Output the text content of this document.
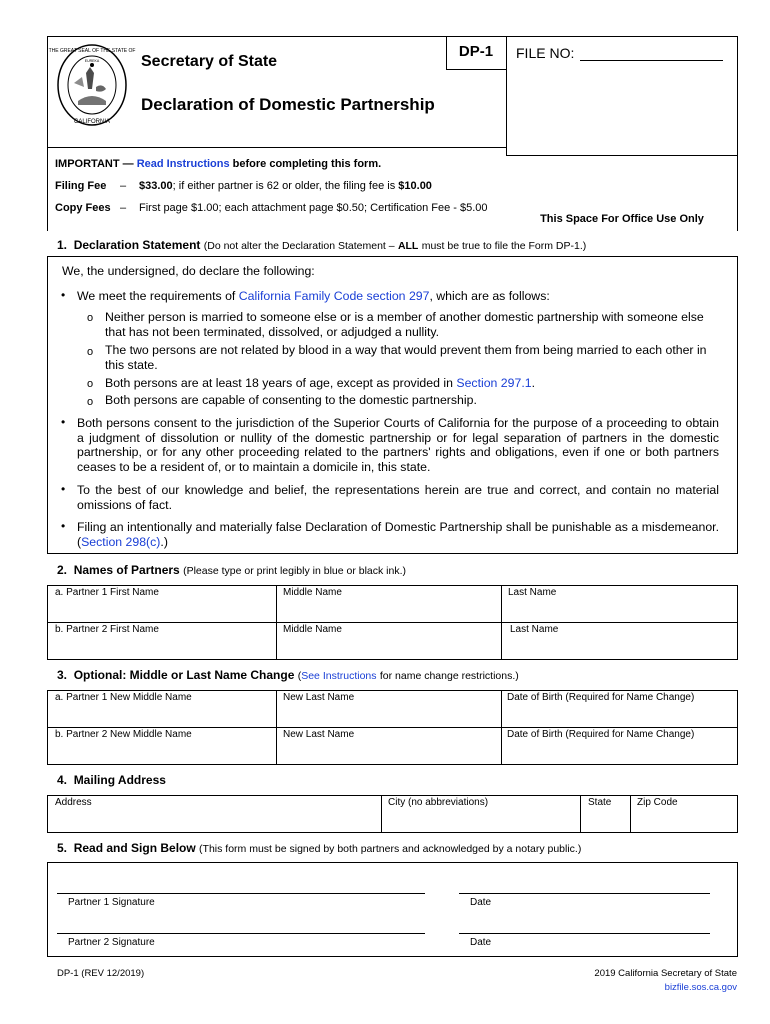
THE GREAT SEAL OF THE STATE OF
CALIFORNIA
EUREKA	Secretary of State
Declaration of Domestic Partnership
DP-1	FILE NO:
This Space For Office Use Only
IMPORTANT — Read Instructions before completing this form.
Filing Fee – $33.00; if either partner is 62 or older, the filing fee is $10.00
Copy Fees – First page $1.00; each attachment page $0.50; Certification Fee - $5.00
1. Declaration Statement (Do not alter the Declaration Statement – ALL must be true to file the Form DP-1.)
We, the undersigned, do declare the following:
• We meet the requirements of California Family Code section 297, which are as follows:
o Neither person is married to someone else or is a member of another domestic partnership with someone else that has not been terminated, dissolved, or adjudged a nullity.
o The two persons are not related by blood in a way that would prevent them from being married to each other in this state.
o Both persons are at least 18 years of age, except as provided in Section 297.1.
o Both persons are capable of consenting to the domestic partnership.
• Both persons consent to the jurisdiction of the Superior Courts of California for the purpose of a proceeding to obtain a judgment of dissolution or nullity of the domestic partnership or for legal separation of partners in the domestic partnership, or for any other proceeding related to the partners' rights and obligations, even if one or both partners ceases to be a resident of, or to maintain a domicile in, this state.
• To the best of our knowledge and belief, the representations herein are true and correct, and contain no material omissions of fact.
• Filing an intentionally and materially false Declaration of Domestic Partnership shall be punishable as a misdemeanor. (Section 298(c).)
2. Names of Partners (Please type or print legibly in blue or black ink.)
a. Partner 1 First Name	Middle Name	Last Name
b. Partner 2 First Name	Middle Name	Last Name
3. Optional: Middle or Last Name Change (See Instructions for name change restrictions.)
a. Partner 1 New Middle Name	New Last Name	Date of Birth (Required for Name Change)
b. Partner 2 New Middle Name	New Last Name	Date of Birth (Required for Name Change)
4. Mailing Address
Address	City (no abbreviations)	State	Zip Code
5. Read and Sign Below (This form must be signed by both partners and acknowledged by a notary public.)
Partner 1 Signature	Date
Partner 2 Signature	Date
DP-1 (REV 12/2019)	2019 California Secretary of State
bizfile.sos.ca.gov
